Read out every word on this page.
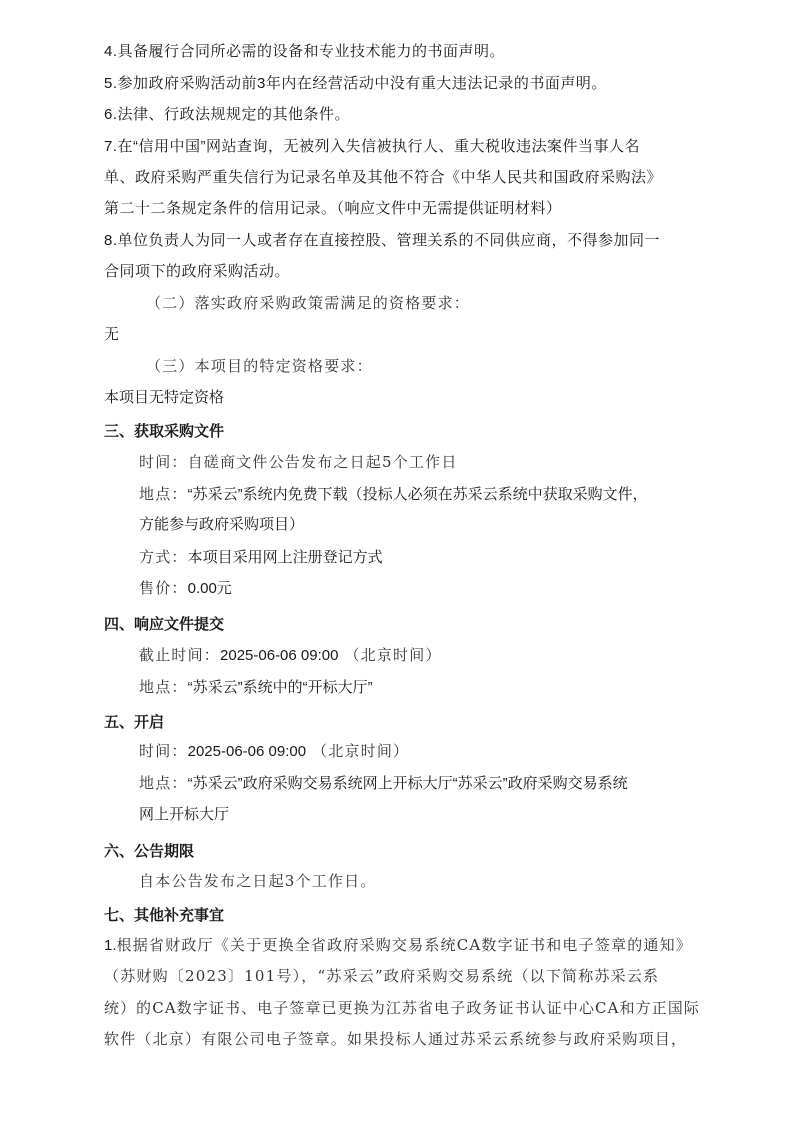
4.具备履行合同所必需的设备和专业技术能力的书面声明。
5.参加政府采购活动前3年内在经营活动中没有重大违法记录的书面声明。
6.法律、行政法规规定的其他条件。
7.在“信用中国”网站查询，无被列入失信被执行人、重大税收违法案件当事人名
单、政府采购严重失信行为记录名单及其他不符合《中华人民共和国政府采购法》
第二十二条规定条件的信用记录。（响应文件中无需提供证明材料）
8.单位负责人为同一人或者存在直接控股、管理关系的不同供应商，不得参加同一
合同项下的政府采购活动。
（二）落实政府采购政策需满足的资格要求：
无
（三）本项目的特定资格要求：
本项目无特定资格
三、获取采购文件
时间：自磋商文件公告发布之日起5个工作日
地点：“苏采云”系统内免费下载（投标人必须在苏采云系统中获取采购文件，
方能参与政府采购项目）
方式：本项目采用网上注册登记方式
售价：0.00元
四、响应文件提交
截止时间：2025-06-06 09:00 （北京时间）
地点：“苏采云”系统中的“开标大厅”
五、开启
时间：2025-06-06 09:00 （北京时间）
地点：“苏采云”政府采购交易系统网上开标大厅“苏采云”政府采购交易系统
网上开标大厅
六、公告期限
自本公告发布之日起3个工作日。
七、其他补充事宜
1.根据省财政厅《关于更换全省政府采购交易系统CA数字证书和电子签章的通知》
（苏财购〔2023〕101号），“苏采云”政府采购交易系统（以下简称苏采云系
统）的CA数字证书、电子签章已更换为江苏省电子政务证书认证中心CA和方正国际
软件（北京）有限公司电子签章。如果投标人通过苏采云系统参与政府采购项目，
